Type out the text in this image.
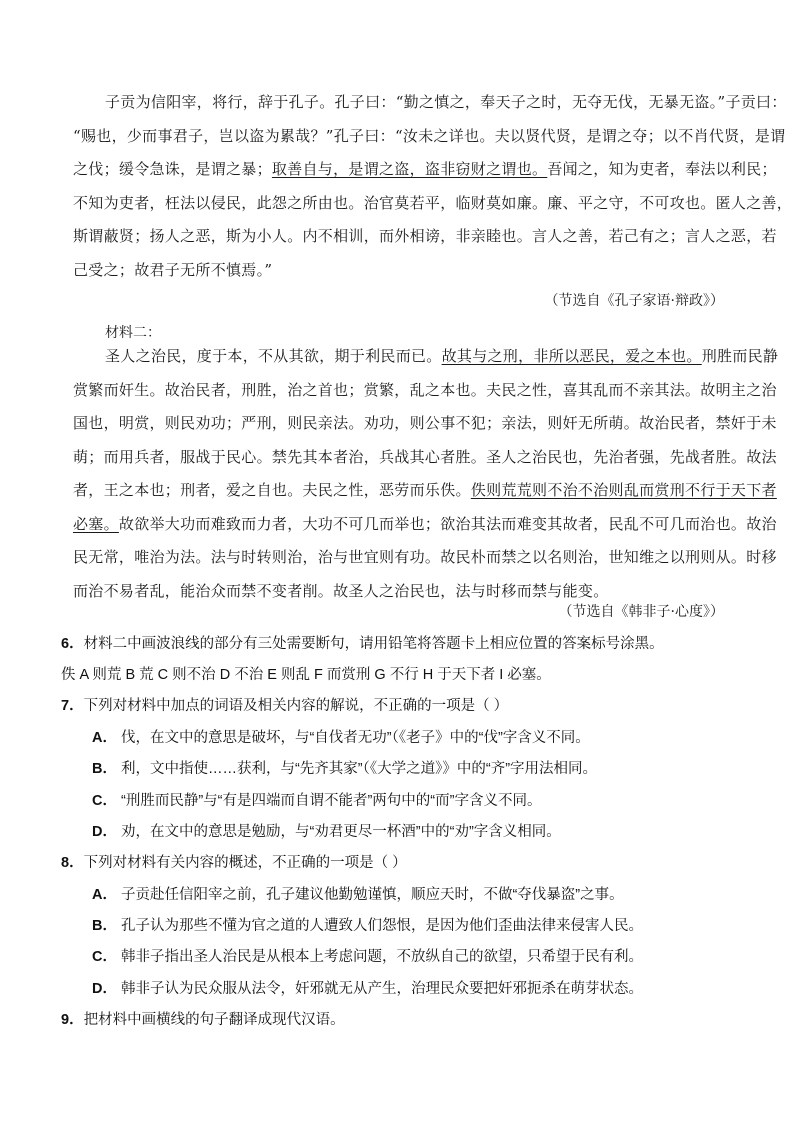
子贡为信阳宰，将行，辞于孔子。孔子曰：“勤之慎之，奉天子之时，无夺无伐，无暴无盗。”子贡曰：
“赐也，少而事君子，岂以盗为累哉？”孔子曰：“汝未之详也。夫以贤代贤，是谓之夺；以不肖代贤，是谓
之伐；缓令急诛，是谓之暴；取善自与，是谓之盗，盗非窃财之谓也。吾闻之，知为吏者，奉法以利民；
不知为吏者，枉法以侵民，此怨之所由也。治官莫若平，临财莫如廉。廉、平之守，不可攻也。匿人之善，
斯谓蔽贤；扬人之恶，斯为小人。内不相训，而外相谤，非亲睦也。言人之善，若己有之；言人之恶，若
己受之；故君子无所不慎焉。”
（节选自《孔子家语·辩政》）
材料二：
圣人之治民，度于本，不从其欲，期于利民而已。故其与之刑，非所以恶民，爱之本也。刑胜而民静
赏繁而奸生。故治民者，刑胜，治之首也；赏繁，乱之本也。夫民之性，喜其乱而不亲其法。故明主之治
国也，明赏，则民劝功；严刑，则民亲法。劝功，则公事不犯；亲法，则奸无所萌。故治民者，禁奸于未
萌；而用兵者，服战于民心。禁先其本者治，兵战其心者胜。圣人之治民也，先治者强，先战者胜。故法
者，王之本也；刑者，爱之自也。夫民之性，恶劳而乐佚。佚则荒荒则不治不治则乱而赏刑不行于天下者
必塞。故欲举大功而难致而力者，大功不可几而举也；欲治其法而难变其故者，民乱不可几而治也。故治
民无常，唯治为法。法与时转则治，治与世宜则有功。故民朴而禁之以名则治，世知维之以刑则从。时移
而治不易者乱，能治众而禁不变者削。故圣人之治民也，法与时移而禁与能变。
（节选自《韩非子·心度》）
6．材料二中画波浪线的部分有三处需要断句，请用铅笔将答题卡上相应位置的答案标号涂黑。
佚 A 则荒 B 荒 C 则不治 D 不治 E 则乱 F 而赏刑 G 不行 H 于天下者 I 必塞。
7．下列对材料中加点的词语及相关内容的解说，不正确的一项是（ ）
A． 伐，在文中的意思是破坏，与“自伐者无功”（《老子》中的“伐”字含义不同。
B． 利，文中指使……获利，与“先齐其家”（《大学之道》》中的“齐”字用法相同。
C． “刑胜而民静”与“有是四端而自谓不能者”两句中的“而”字含义不同。
D． 劝，在文中的意思是勉励，与“劝君更尽一杯酒”中的“劝”字含义相同。
8．下列对材料有关内容的概述，不正确的一项是（ ）
A． 子贡赴任信阳宰之前，孔子建议他勤勉谨慎，顺应天时，不做“夺伐暴盗”之事。
B． 孔子认为那些不懂为官之道的人遭致人们怨恨，是因为他们歪曲法律来侵害人民。
C． 韩非子指出圣人治民是从根本上考虑问题，不放纵自己的欲望，只希望于民有利。
D． 韩非子认为民众服从法令，奸邪就无从产生，治理民众要把奸邪扼杀在萌芽状态。
9．把材料中画横线的句子翻译成现代汉语。
